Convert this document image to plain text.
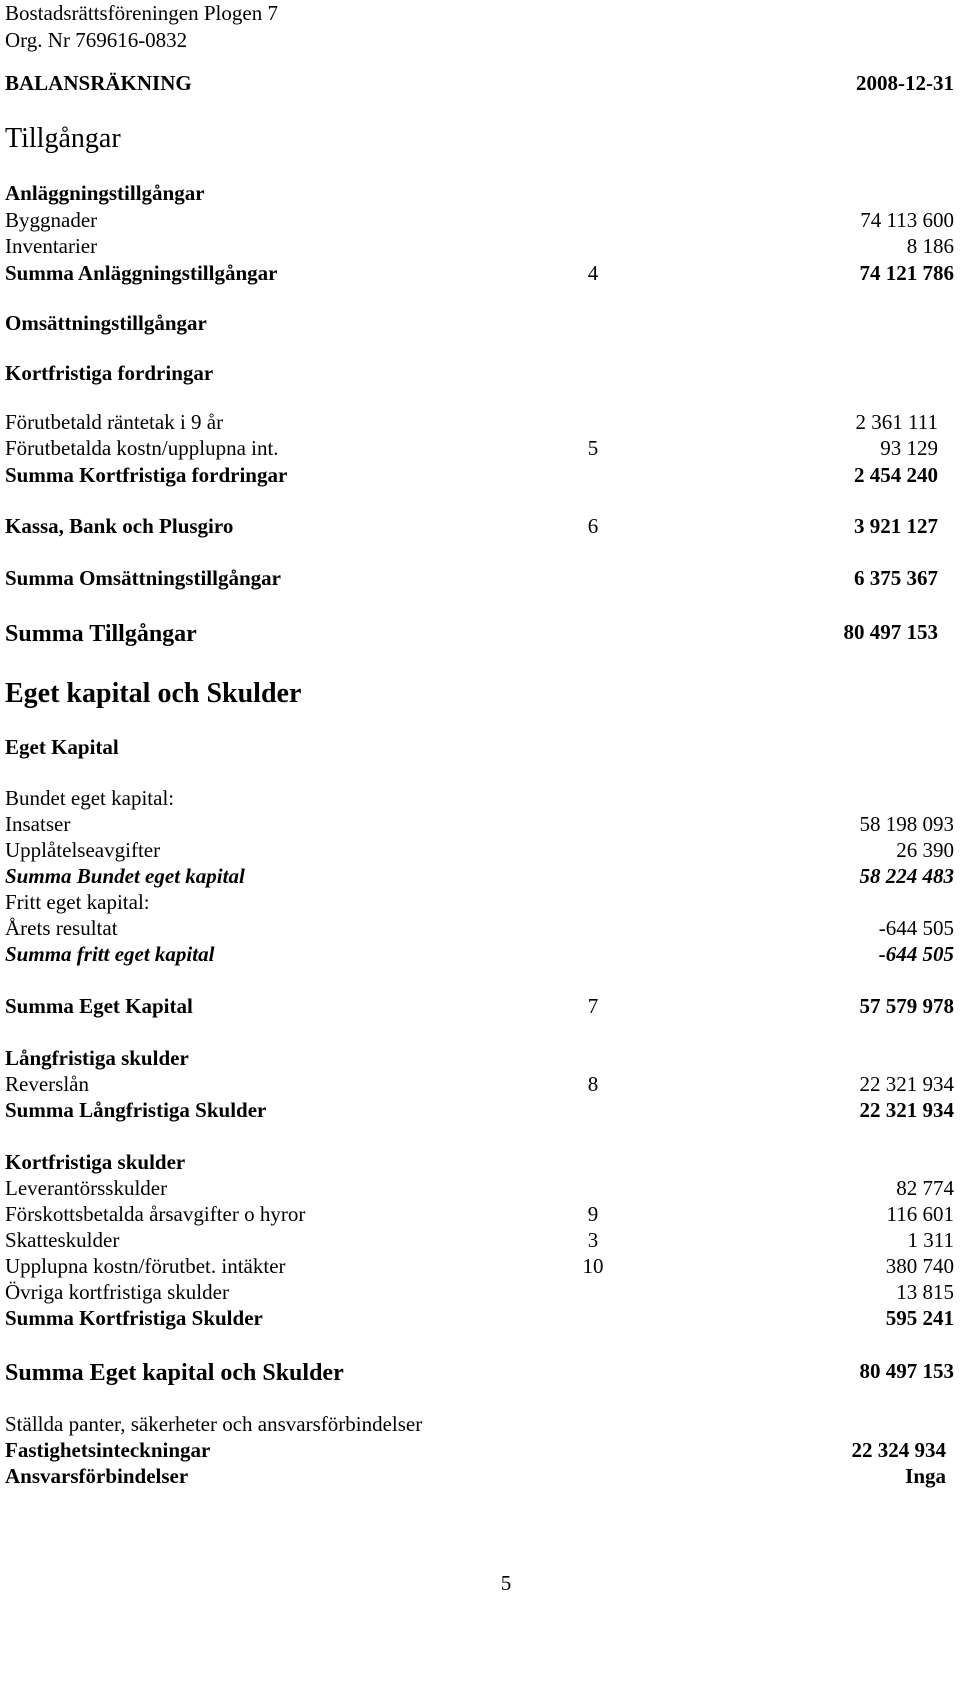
Bostadsrättsföreningen Plogen 7
Org. Nr 769616-0832
BALANSRÄKNING	2008-12-31
Tillgångar
Anläggningstillgångar
Byggnader	74 113 600
Inventarier	8 186
Summa Anläggningstillgångar	4	74 121 786
Omsättningstillgångar
Kortfristiga fordringar
Förutbetald räntetak i 9 år	2 361 111
Förutbetalda kostn/upplupna int.	5	93 129
Summa Kortfristiga fordringar	2 454 240
Kassa, Bank och Plusgiro	6	3 921 127
Summa Omsättningstillgångar	6 375 367
Summa Tillgångar	80 497 153
Eget kapital och Skulder
Eget Kapital
Bundet eget kapital:
Insatser	58 198 093
Upplåtelseavgifter	26 390
Summa Bundet eget kapital	58 224 483
Fritt eget kapital:
Årets resultat	-644 505
Summa fritt eget kapital	-644 505
Summa Eget Kapital	7	57 579 978
Långfristiga skulder
Reverslån	8	22 321 934
Summa Långfristiga Skulder	22 321 934
Kortfristiga skulder
Leverantörsskulder	82 774
Förskottsbetalda årsavgifter o hyror	9	116 601
Skatteskulder	3	1 311
Upplupna kostn/förutbet. intäkter	10	380 740
Övriga kortfristiga skulder	13 815
Summa Kortfristiga Skulder	595 241
Summa Eget kapital och Skulder	80 497 153
Ställda panter, säkerheter och ansvarsförbindelser
Fastighetsinteckningar	22 324 934
Ansvarsförbindelser	Inga
5
